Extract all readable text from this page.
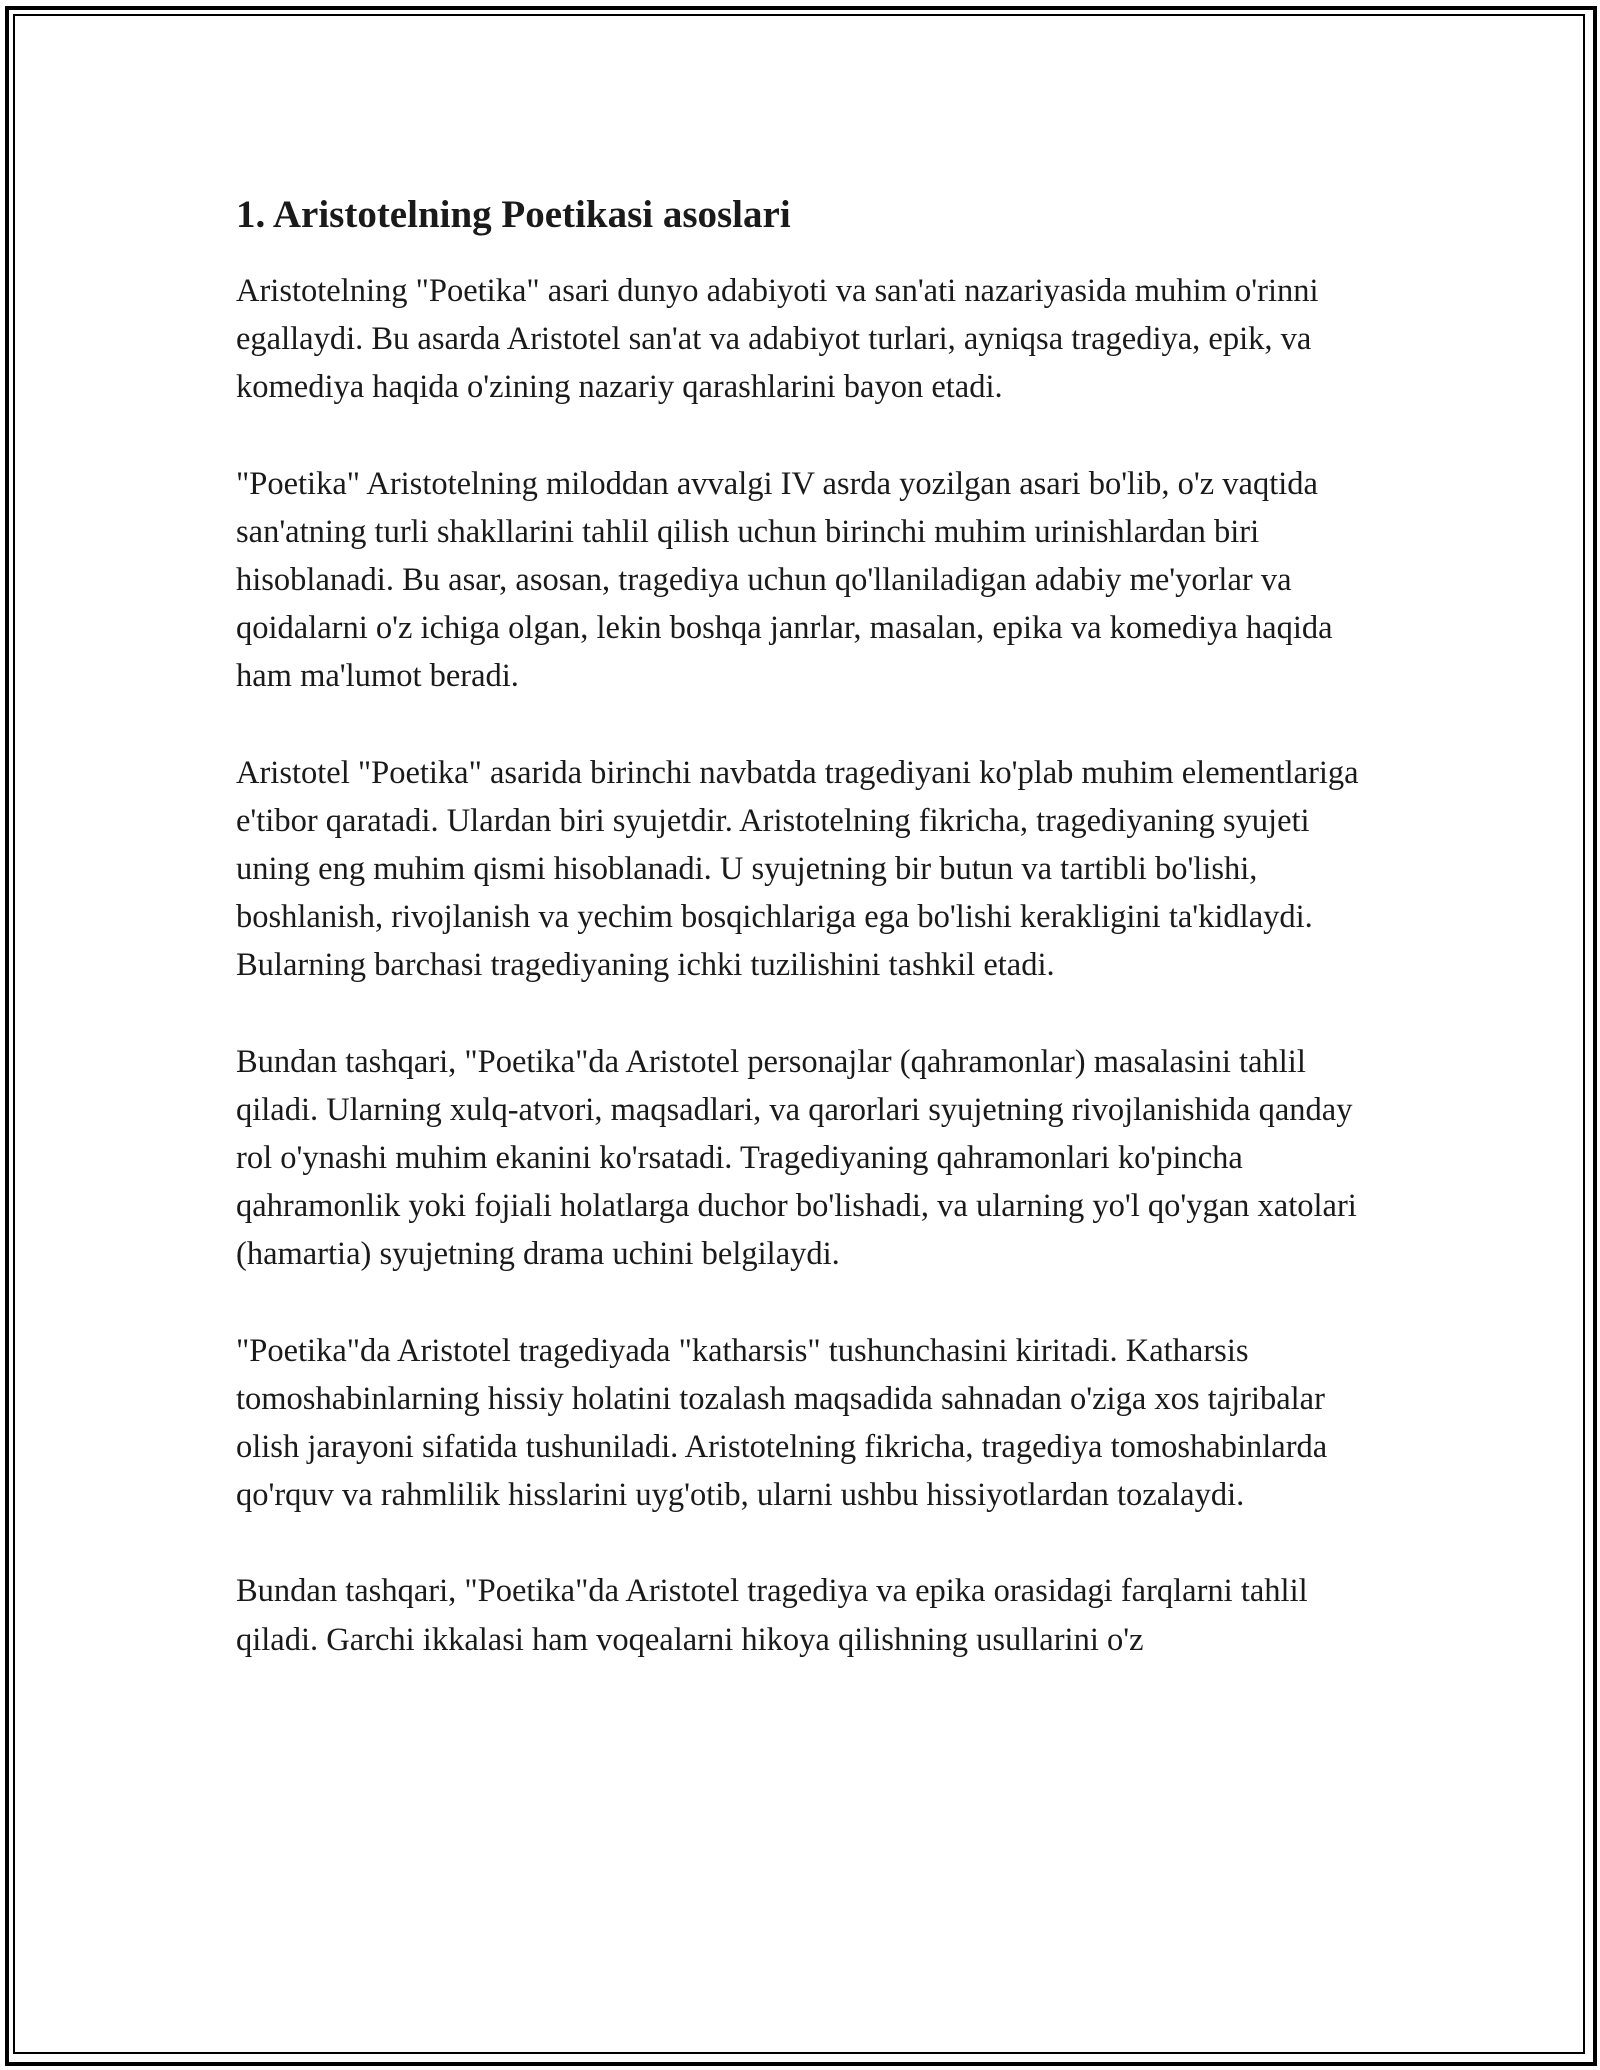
1. Aristotelning Poetikasi asoslari

Aristotelning "Poetika" asari dunyo adabiyoti va san'ati nazariyasida muhim o'rinni egallaydi. Bu asarda Aristotel san'at va adabiyot turlari, ayniqsa tragediya, epik, va komediya haqida o'zining nazariy qarashlarini bayon etadi.

"Poetika" Aristotelning miloddan avvalgi IV asrda yozilgan asari bo'lib, o'z vaqtida san'atning turli shakllarini tahlil qilish uchun birinchi muhim urinishlardan biri hisoblanadi. Bu asar, asosan, tragediya uchun qo'llaniladigan adabiy me'yorlar va qoidalarni o'z ichiga olgan, lekin boshqa janrlar, masalan, epika va komediya haqida ham ma'lumot beradi.

Aristotel "Poetika" asarida birinchi navbatda tragediyani ko'plab muhim elementlariga e'tibor qaratadi. Ulardan biri syujetdir. Aristotelning fikricha, tragediyaning syujeti uning eng muhim qismi hisoblanadi. U syujetning bir butun va tartibli bo'lishi, boshlanish, rivojlanish va yechim bosqichlariga ega bo'lishi kerakligini ta'kidlaydi. Bularning barchasi tragediyaning ichki tuzilishini tashkil etadi.

Bundan tashqari, "Poetika"da Aristotel personajlar (qahramonlar) masalasini tahlil qiladi. Ularning xulq-atvori, maqsadlari, va qarorlari syujetning rivojlanishida qanday rol o'ynashi muhim ekanini ko'rsatadi. Tragediyaning qahramonlari ko'pincha qahramonlik yoki fojiali holatlarga duchor bo'lishadi, va ularning yo'l qo'ygan xatolari (hamartia) syujetning drama uchini belgilaydi.

"Poetika"da Aristotel tragediyada "katharsis" tushunchasini kiritadi. Katharsis tomoshabinlarning hissiy holatini tozalash maqsadida sahnadan o'ziga xos tajribalar olish jarayoni sifatida tushuniladi. Aristotelning fikricha, tragediya tomoshabinlarda qo'rquv va rahmlilik hisslarini uyg'otib, ularni ushbu hissiyotlardan tozalaydi.

Bundan tashqari, "Poetika"da Aristotel tragediya va epika orasidagi farqlarni tahlil qiladi. Garchi ikkalasi ham voqealarni hikoya qilishning usullarini o'z
